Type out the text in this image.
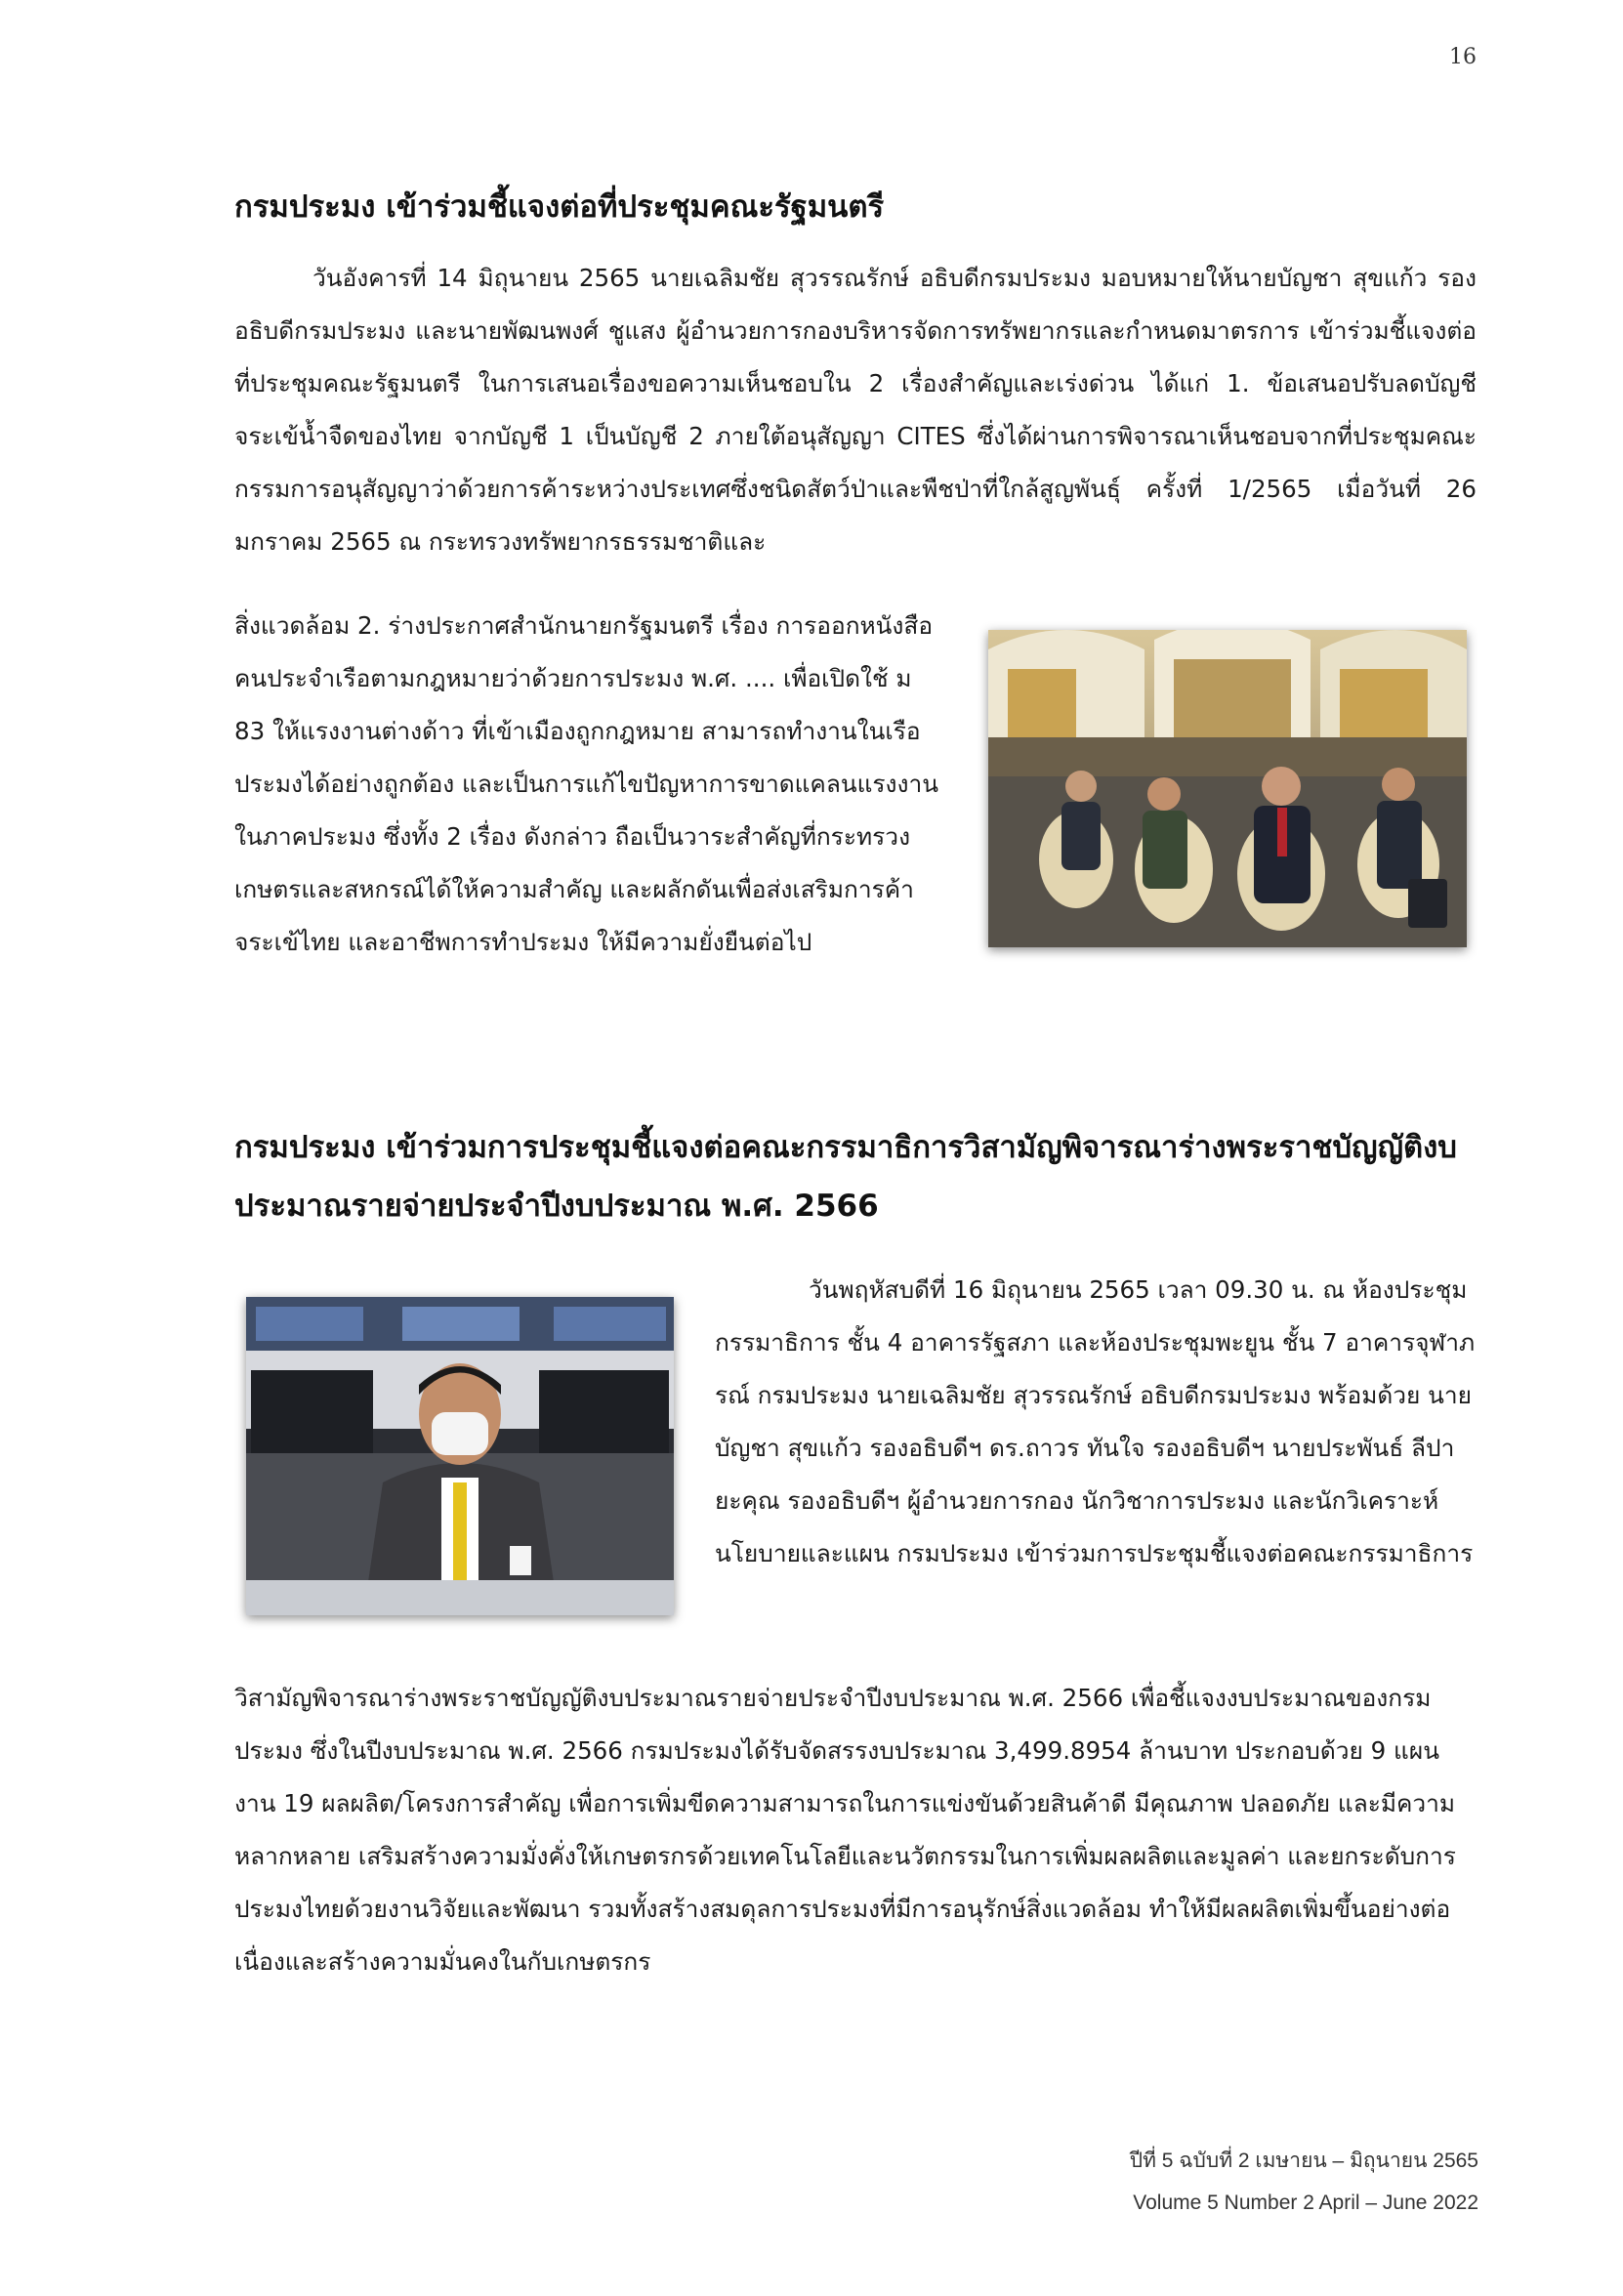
16
กรมประมง เข้าร่วมชี้แจงต่อที่ประชุมคณะรัฐมนตรี

วันอังคารที่ 14 มิถุนายน 2565 นายเฉลิมชัย สุวรรณรักษ์ อธิบดีกรมประมง มอบหมายให้นายบัญชา สุขแก้ว รองอธิบดีกรมประมง และนายพัฒนพงศ์ ชูแสง ผู้อำนวยการกองบริหารจัดการทรัพยากรและกำหนดมาตรการ เข้าร่วมชี้แจงต่อที่ประชุมคณะรัฐมนตรี ในการเสนอเรื่องขอความเห็นชอบใน 2 เรื่องสำคัญและเร่งด่วน ได้แก่ 1. ข้อเสนอปรับลดบัญชีจระเข้น้ำจืดของไทย จากบัญชี 1 เป็นบัญชี 2 ภายใต้อนุสัญญา CITES ซึ่งได้ผ่านการพิจารณาเห็นชอบจากที่ประชุมคณะกรรมการอนุสัญญาว่าด้วยการค้าระหว่างประเทศซึ่งชนิดสัตว์ป่าและพืชป่าที่ใกล้สูญพันธุ์ ครั้งที่ 1/2565 เมื่อวันที่ 26 มกราคม 2565 ณ กระทรวงทรัพยากรธรรมชาติและ

สิ่งแวดล้อม 2. ร่างประกาศสำนักนายกรัฐมนตรี เรื่อง การออกหนังสือคนประจำเรือตามกฎหมายว่าด้วยการประมง พ.ศ. .... เพื่อเปิดใช้ ม 83 ให้แรงงานต่างด้าว ที่เข้าเมืองถูกกฎหมาย สามารถทำงานในเรือประมงได้อย่างถูกต้อง และเป็นการแก้ไขปัญหาการขาดแคลนแรงงานในภาคประมง ซึ่งทั้ง 2 เรื่อง ดังกล่าว ถือเป็นวาระสำคัญที่กระทรวงเกษตรและสหกรณ์ได้ให้ความสำคัญ และผลักดันเพื่อส่งเสริมการค้าจระเข้ไทย และอาชีพการทำประมง ให้มีความยั่งยืนต่อไป

กรมประมง เข้าร่วมการประชุมชี้แจงต่อคณะกรรมาธิการวิสามัญพิจารณาร่างพระราชบัญญัติงบประมาณรายจ่ายประจำปีงบประมาณ พ.ศ. 2566

วันพฤหัสบดีที่ 16 มิถุนายน 2565 เวลา 09.30 น. ณ ห้องประชุมกรรมาธิการ ชั้น 4 อาคารรัฐสภา และห้องประชุมพะยูน ชั้น 7 อาคารจุฬาภรณ์ กรมประมง นายเฉลิมชัย สุวรรณรักษ์ อธิบดีกรมประมง พร้อมด้วย นายบัญชา สุขแก้ว รองอธิบดีฯ ดร.ถาวร ทันใจ รองอธิบดีฯ นายประพันธ์ ลีปายะคุณ รองอธิบดีฯ ผู้อำนวยการกอง นักวิชาการประมง และนักวิเคราะห์นโยบายและแผน กรมประมง เข้าร่วมการประชุมชี้แจงต่อคณะกรรมาธิการ

วิสามัญพิจารณาร่างพระราชบัญญัติงบประมาณรายจ่ายประจำปีงบประมาณ พ.ศ. 2566 เพื่อชี้แจงงบประมาณของกรมประมง ซึ่งในปีงบประมาณ พ.ศ. 2566 กรมประมงได้รับจัดสรรงบประมาณ 3,499.8954 ล้านบาท ประกอบด้วย 9 แผนงาน 19 ผลผลิต/โครงการสำคัญ เพื่อการเพิ่มขีดความสามารถในการแข่งขันด้วยสินค้าดี มีคุณภาพ ปลอดภัย และมีความหลากหลาย เสริมสร้างความมั่งคั่งให้เกษตรกรด้วยเทคโนโลยีและนวัตกรรมในการเพิ่มผลผลิตและมูลค่า และยกระดับการประมงไทยด้วยงานวิจัยและพัฒนา รวมทั้งสร้างสมดุลการประมงที่มีการอนุรักษ์สิ่งแวดล้อม ทำให้มีผลผลิตเพิ่มขึ้นอย่างต่อเนื่องและสร้างความมั่นคงในกับเกษตรกร

ปีที่ 5 ฉบับที่ 2 เมษายน – มิถุนายน 2565
Volume 5 Number 2 April – June 2022
